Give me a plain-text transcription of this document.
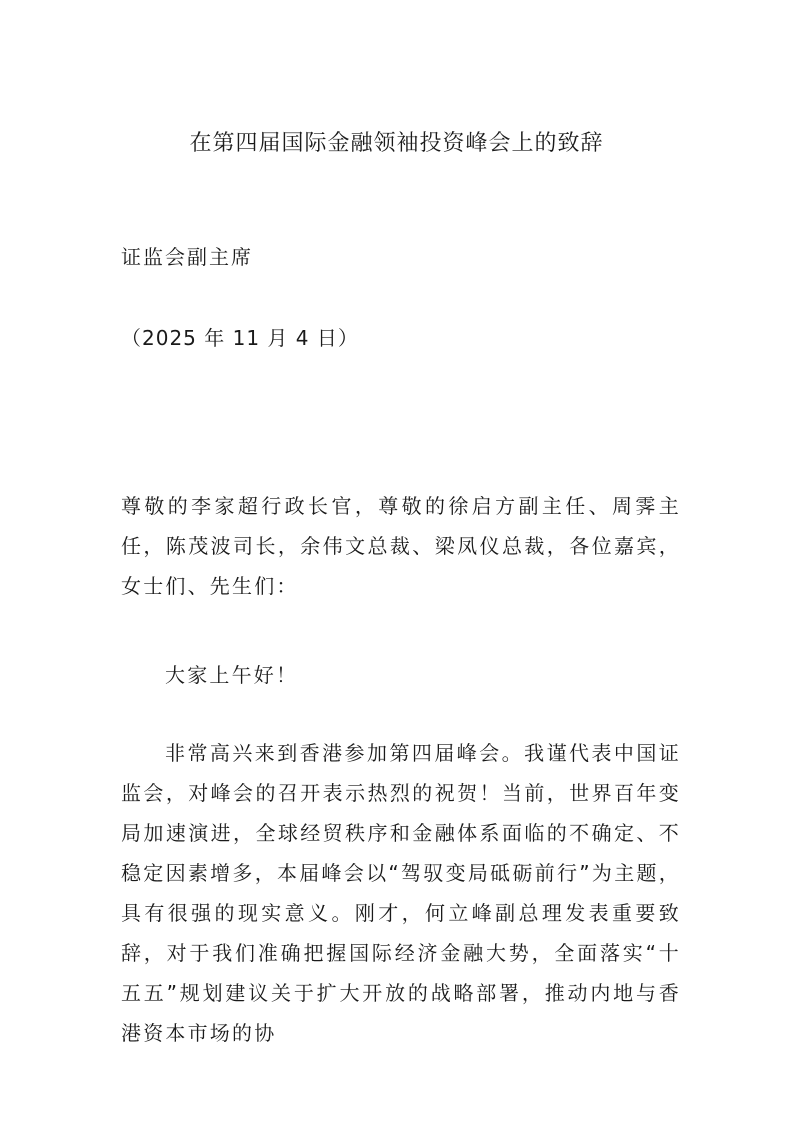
在第四届国际金融领袖投资峰会上的致辞

证监会副主席

（2025 年 11 月 4 日）

尊敬的李家超行政长官，尊敬的徐启方副主任、周霁主任，陈茂波司长，余伟文总裁、梁凤仪总裁，各位嘉宾，女士们、先生们：

大家上午好！

非常高兴来到香港参加第四届峰会。我谨代表中国证监会，对峰会的召开表示热烈的祝贺！当前，世界百年变局加速演进，全球经贸秩序和金融体系面临的不确定、不稳定因素增多，本届峰会以“驾驭变局砥砺前行”为主题，具有很强的现实意义。刚才，何立峰副总理发表重要致辞，对于我们准确把握国际经济金融大势，全面落实“十五五”规划建议关于扩大开放的战略部署，推动内地与香港资本市场的协
